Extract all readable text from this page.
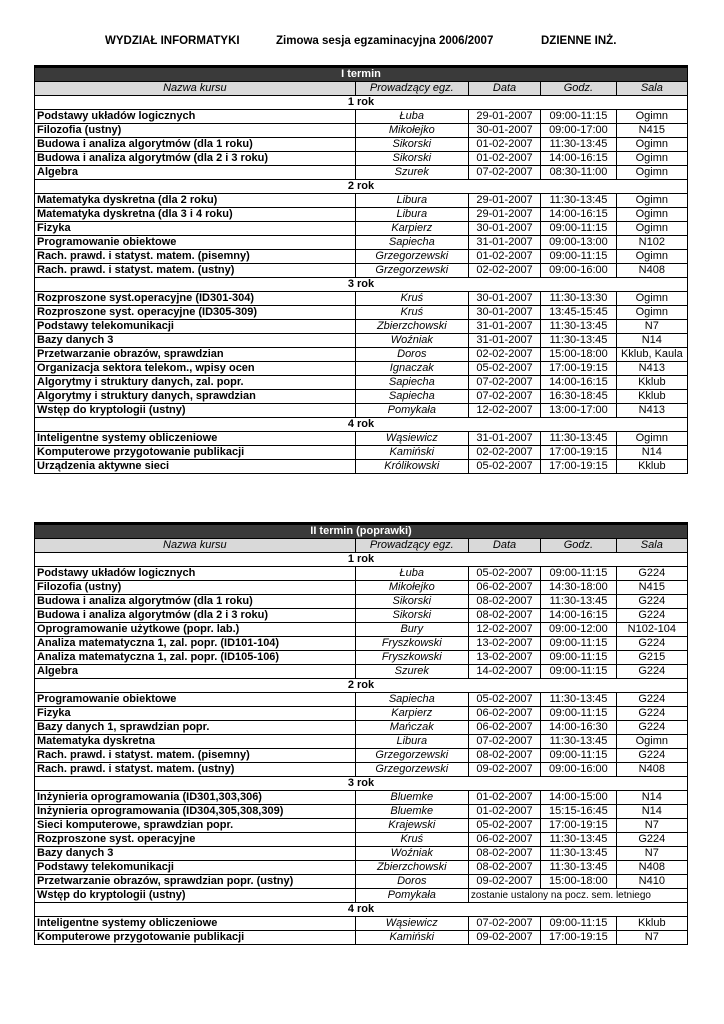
WYDZIAŁ INFORMATYKI	Zimowa sesja egzaminacyjna 2006/2007	DZIENNE INŻ.
I termin				
Nazwa kursu	Prowadzący egz.	Data	Godz.	Sala
1 rok				
Podstawy układów logicznych	Łuba	29-01-2007	09:00-11:15	Ogimn
Filozofia (ustny)	Mikołejko	30-01-2007	09:00-17:00	N415
Budowa i analiza algorytmów (dla 1 roku)	Sikorski	01-02-2007	11:30-13:45	Ogimn
Budowa i analiza algorytmów (dla 2 i 3 roku)	Sikorski	01-02-2007	14:00-16:15	Ogimn
Algebra	Szurek	07-02-2007	08:30-11:00	Ogimn
2 rok				
Matematyka dyskretna (dla 2 roku)	Libura	29-01-2007	11:30-13:45	Ogimn
Matematyka dyskretna (dla 3 i 4 roku)	Libura	29-01-2007	14:00-16:15	Ogimn
Fizyka	Karpierz	30-01-2007	09:00-11:15	Ogimn
Programowanie obiektowe	Sapiecha	31-01-2007	09:00-13:00	N102
Rach. prawd. i statyst. matem. (pisemny)	Grzegorzewski	01-02-2007	09:00-11:15	Ogimn
Rach. prawd. i statyst. matem. (ustny)	Grzegorzewski	02-02-2007	09:00-16:00	N408
3 rok				
Rozproszone syst.operacyjne (ID301-304)	Kruś	30-01-2007	11:30-13:30	Ogimn
Rozproszone syst. operacyjne (ID305-309)	Kruś	30-01-2007	13:45-15:45	Ogimn
Podstawy telekomunikacji	Zbierzchowski	31-01-2007	11:30-13:45	N7
Bazy danych 3	Woźniak	31-01-2007	11:30-13:45	N14
Przetwarzanie obrazów, sprawdzian	Doros	02-02-2007	15:00-18:00	Kklub, Kaula
Organizacja sektora telekom., wpisy ocen	Ignaczak	05-02-2007	17:00-19:15	N413
Algorytmy i struktury danych, zal. popr.	Sapiecha	07-02-2007	14:00-16:15	Kklub
Algorytmy i struktury danych, sprawdzian	Sapiecha	07-02-2007	16:30-18:45	Kklub
Wstęp do kryptologii (ustny)	Pomykała	12-02-2007	13:00-17:00	N413
4 rok				
Inteligentne systemy obliczeniowe	Wąsiewicz	31-01-2007	11:30-13:45	Ogimn
Komputerowe przygotowanie publikacji	Kamiński	02-02-2007	17:00-19:15	N14
Urządzenia aktywne sieci	Królikowski	05-02-2007	17:00-19:15	Kklub
II termin (poprawki)				
Nazwa kursu	Prowadzący egz.	Data	Godz.	Sala
1 rok				
Podstawy układów logicznych	Łuba	05-02-2007	09:00-11:15	G224
Filozofia (ustny)	Mikołejko	06-02-2007	14:30-18:00	N415
Budowa i analiza algorytmów (dla 1 roku)	Sikorski	08-02-2007	11:30-13:45	G224
Budowa i analiza algorytmów (dla 2 i 3 roku)	Sikorski	08-02-2007	14:00-16:15	G224
Oprogramowanie użytkowe (popr. lab.)	Bury	12-02-2007	09:00-12:00	N102-104
Analiza matematyczna 1, zal. popr. (ID101-104)	Fryszkowski	13-02-2007	09:00-11:15	G224
Analiza matematyczna 1, zal. popr. (ID105-106)	Fryszkowski	13-02-2007	09:00-11:15	G215
Algebra	Szurek	14-02-2007	09:00-11:15	G224
2 rok				
Programowanie obiektowe	Sapiecha	05-02-2007	11:30-13:45	G224
Fizyka	Karpierz	06-02-2007	09:00-11:15	G224
Bazy danych 1, sprawdzian popr.	Mańczak	06-02-2007	14:00-16:30	G224
Matematyka dyskretna	Libura	07-02-2007	11:30-13:45	Ogimn
Rach. prawd. i statyst. matem. (pisemny)	Grzegorzewski	08-02-2007	09:00-11:15	G224
Rach. prawd. i statyst. matem. (ustny)	Grzegorzewski	09-02-2007	09:00-16:00	N408
3 rok				
Inżynieria oprogramowania (ID301,303,306)	Bluemke	01-02-2007	14:00-15:00	N14
Inżynieria oprogramowania (ID304,305,308,309)	Bluemke	01-02-2007	15:15-16:45	N14
Sieci komputerowe, sprawdzian popr.	Krajewski	05-02-2007	17:00-19:15	N7
Rozproszone syst. operacyjne	Kruś	06-02-2007	11:30-13:45	G224
Bazy danych 3	Woźniak	08-02-2007	11:30-13:45	N7
Podstawy telekomunikacji	Zbierzchowski	08-02-2007	11:30-13:45	N408
Przetwarzanie obrazów, sprawdzian popr. (ustny)	Doros	09-02-2007	15:00-18:00	N410
Wstęp do kryptologii (ustny)	Pomykała	zostanie ustalony na pocz. sem. letniego		
4 rok				
Inteligentne systemy obliczeniowe	Wąsiewicz	07-02-2007	09:00-11:15	Kklub
Komputerowe przygotowanie publikacji	Kamiński	09-02-2007	17:00-19:15	N7
